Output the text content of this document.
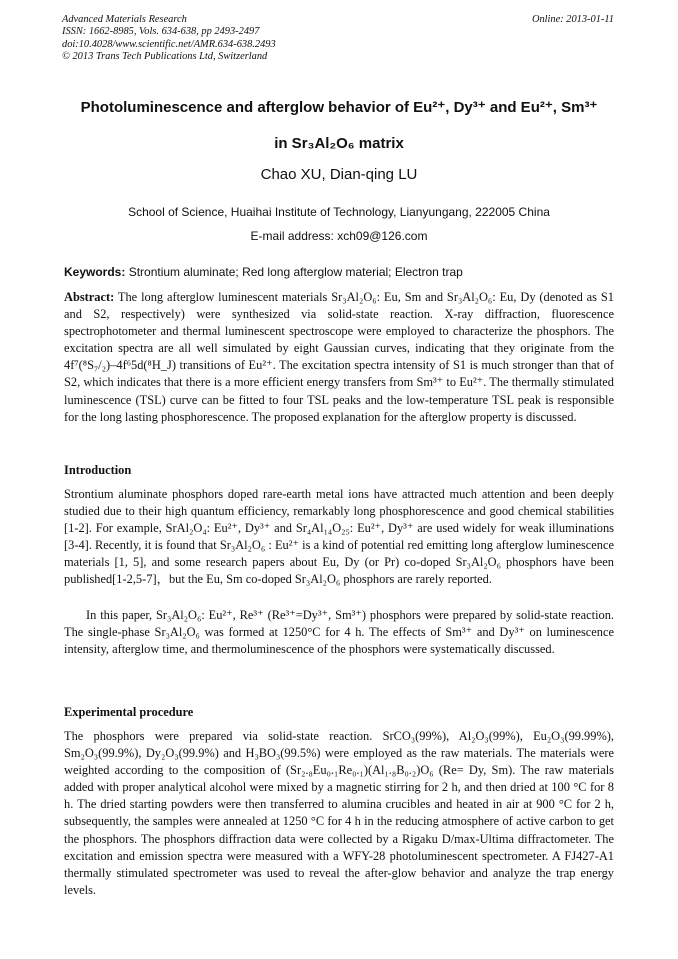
Advanced Materials Research
ISSN: 1662-8985, Vols. 634-638, pp 2493-2497
doi:10.4028/www.scientific.net/AMR.634-638.2493
© 2013 Trans Tech Publications Ltd, Switzerland
Online: 2013-01-11
Photoluminescence and afterglow behavior of Eu²⁺, Dy³⁺ and Eu²⁺, Sm³⁺ in Sr₃Al₂O₆ matrix
Chao XU, Dian-qing LU
School of Science, Huaihai Institute of Technology, Lianyungang, 222005 China
E-mail address: xch09@126.com
Keywords: Strontium aluminate; Red long afterglow material; Electron trap
Abstract: The long afterglow luminescent materials Sr₃Al₂O₆: Eu, Sm and Sr₃Al₂O₆: Eu, Dy (denoted as S1 and S2, respectively) were synthesized via solid-state reaction. X-ray diffraction, fluorescence spectrophotometer and thermal luminescent spectroscope were employed to characterize the phosphors. The excitation spectra are all well simulated by eight Gaussian curves, indicating that they originate from the 4f⁷(⁸S₇/₂)–4f⁶5d(⁸H_J) transitions of Eu²⁺. The excitation spectra intensity of S1 is much stronger than that of S2, which indicates that there is a more efficient energy transfers from Sm³⁺ to Eu²⁺. The thermally stimulated luminescence (TSL) curve can be fitted to four TSL peaks and the low-temperature TSL peak is responsible for the long lasting phosphorescence. The proposed explanation for the afterglow property is discussed.
Introduction
Strontium aluminate phosphors doped rare-earth metal ions have attracted much attention and been deeply studied due to their high quantum efficiency, remarkably long phosphorescence and good chemical stabilities [1-2]. For example, SrAl₂O₄: Eu²⁺, Dy³⁺ and Sr₄Al₁₄O₂₅: Eu²⁺, Dy³⁺ are used widely for weak illuminations [3-4]. Recently, it is found that Sr₃Al₂O₆ : Eu²⁺ is a kind of potential red emitting long afterglow luminescence materials [1, 5], and some research papers about Eu, Dy (or Pr) co-doped Sr₃Al₂O₆ phosphors have been published[1-2,5-7]，but the Eu, Sm co-doped Sr₃Al₂O₆ phosphors are rarely reported.
In this paper, Sr₃Al₂O₆: Eu²⁺, Re³⁺ (Re³⁺=Dy³⁺, Sm³⁺) phosphors were prepared by solid-state reaction. The single-phase Sr₃Al₂O₆ was formed at 1250°C for 4 h. The effects of Sm³⁺ and Dy³⁺ on luminescence intensity, afterglow time, and thermoluminescence of the phosphors were systematically discussed.
Experimental procedure
The phosphors were prepared via solid-state reaction. SrCO₃(99%), Al₂O₃(99%), Eu₂O₃(99.99%), Sm₂O₃(99.9%), Dy₂O₃(99.9%) and H₃BO₃(99.5%) were employed as the raw materials. The materials were weighted according to the composition of (Sr₂.₈Eu₀.₁Re₀.₁)(Al₁.₈B₀.₂)O₆ (Re= Dy, Sm). The raw materials added with proper analytical alcohol were mixed by a magnetic stirring for 2 h, and then dried at 100 °C for 8 h. The dried starting powders were then transferred to alumina crucibles and heated in air at 900 °C for 2 h, subsequently, the samples were annealed at 1250 °C for 4 h in the reducing atmosphere of active carbon to get the phosphors. The phosphors diffraction data were collected by a Rigaku D/max-Ultima diffractometer. The excitation and emission spectra were measured with a WFY-28 photoluminescent spectrometer. A FJ427-A1 thermally stimulated spectrometer was used to reveal the after-glow behavior and analyze the trap energy levels.
